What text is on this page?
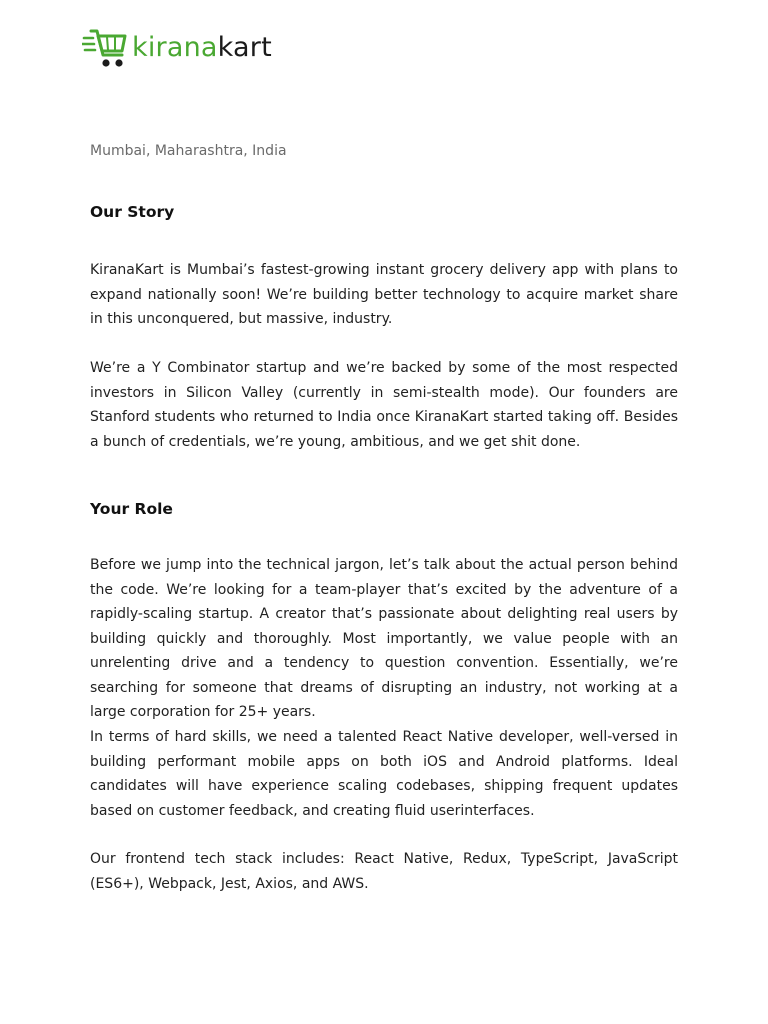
kiranakart
Mumbai, Maharashtra, India
Our Story

KiranaKart is Mumbai’s fastest-growing instant grocery delivery app with plans to expand nationally soon! We’re building better technology to acquire market share in this unconquered, but massive, industry.

We’re a Y Combinator startup and we’re backed by some of the most respected investors in Silicon Valley (currently in semi-stealth mode). Our founders are Stanford students who returned to India once KiranaKart started taking off. Besides a bunch of credentials, we’re young, ambitious, and we get shit done.

Your Role

Before we jump into the technical jargon, let’s talk about the actual person behind the code. We’re looking for a team-player that’s excited by the adventure of a rapidly-scaling startup. A creator that’s passionate about delighting real users by building quickly and thoroughly. Most importantly, we value people with an unrelenting drive and a tendency to question convention. Essentially, we’re searching for someone that dreams of disrupting an industry, not working at a large corporation for 25+ years.

In terms of hard skills, we need a talented React Native developer, well-versed in building performant mobile apps on both iOS and Android platforms. Ideal candidates will have experience scaling codebases, shipping frequent updates based on customer feedback, and creating fluid userinterfaces.

Our frontend tech stack includes: React Native, Redux, TypeScript, JavaScript (ES6+), Webpack, Jest, Axios, and AWS.
